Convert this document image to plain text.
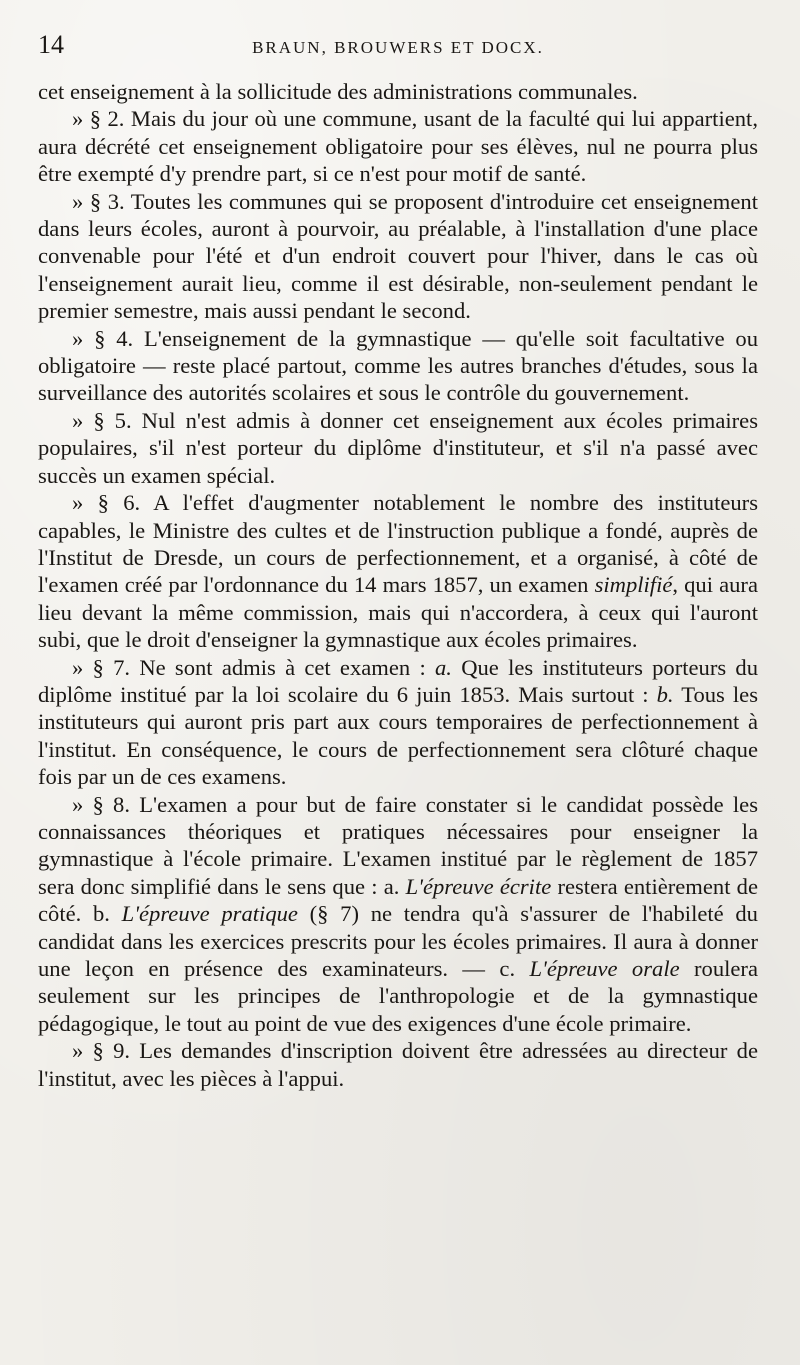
14	BRAUN, BROUWERS ET DOCX.

cet enseignement à la sollicitude des administrations communales.

» § 2. Mais du jour où une commune, usant de la faculté qui lui appartient, aura décrété cet enseignement obligatoire pour ses élèves, nul ne pourra plus être exempté d'y prendre part, si ce n'est pour motif de santé.

» § 3. Toutes les communes qui se proposent d'introduire cet enseignement dans leurs écoles, auront à pourvoir, au préalable, à l'installation d'une place convenable pour l'été et d'un endroit couvert pour l'hiver, dans le cas où l'enseignement aurait lieu, comme il est désirable, non-seulement pendant le premier semestre, mais aussi pendant le second.

» § 4. L'enseignement de la gymnastique — qu'elle soit facultative ou obligatoire — reste placé partout, comme les autres branches d'études, sous la surveillance des autorités scolaires et sous le contrôle du gouvernement.

» § 5. Nul n'est admis à donner cet enseignement aux écoles primaires populaires, s'il n'est porteur du diplôme d'instituteur, et s'il n'a passé avec succès un examen spécial.

» § 6. A l'effet d'augmenter notablement le nombre des instituteurs capables, le Ministre des cultes et de l'instruction publique a fondé, auprès de l'Institut de Dresde, un cours de perfectionnement, et a organisé, à côté de l'examen créé par l'ordonnance du 14 mars 1857, un examen simplifié, qui aura lieu devant la même commission, mais qui n'accordera, à ceux qui l'auront subi, que le droit d'enseigner la gymnastique aux écoles primaires.

» § 7. Ne sont admis à cet examen : a. Que les instituteurs porteurs du diplôme institué par la loi scolaire du 6 juin 1853. Mais surtout : b. Tous les instituteurs qui auront pris part aux cours temporaires de perfectionnement à l'institut. En conséquence, le cours de perfectionnement sera clôturé chaque fois par un de ces examens.

» § 8. L'examen a pour but de faire constater si le candidat possède les connaissances théoriques et pratiques nécessaires pour enseigner la gymnastique à l'école primaire. L'examen institué par le règlement de 1857 sera donc simplifié dans le sens que : a. L'épreuve écrite restera entièrement de côté. b. L'épreuve pratique (§ 7) ne tendra qu'à s'assurer de l'habileté du candidat dans les exercices prescrits pour les écoles primaires. Il aura à donner une leçon en présence des examinateurs. — c. L'épreuve orale roulera seulement sur les principes de l'anthropologie et de la gymnastique pédagogique, le tout au point de vue des exigences d'une école primaire.

» § 9. Les demandes d'inscription doivent être adressées au directeur de l'institut, avec les pièces à l'appui.
